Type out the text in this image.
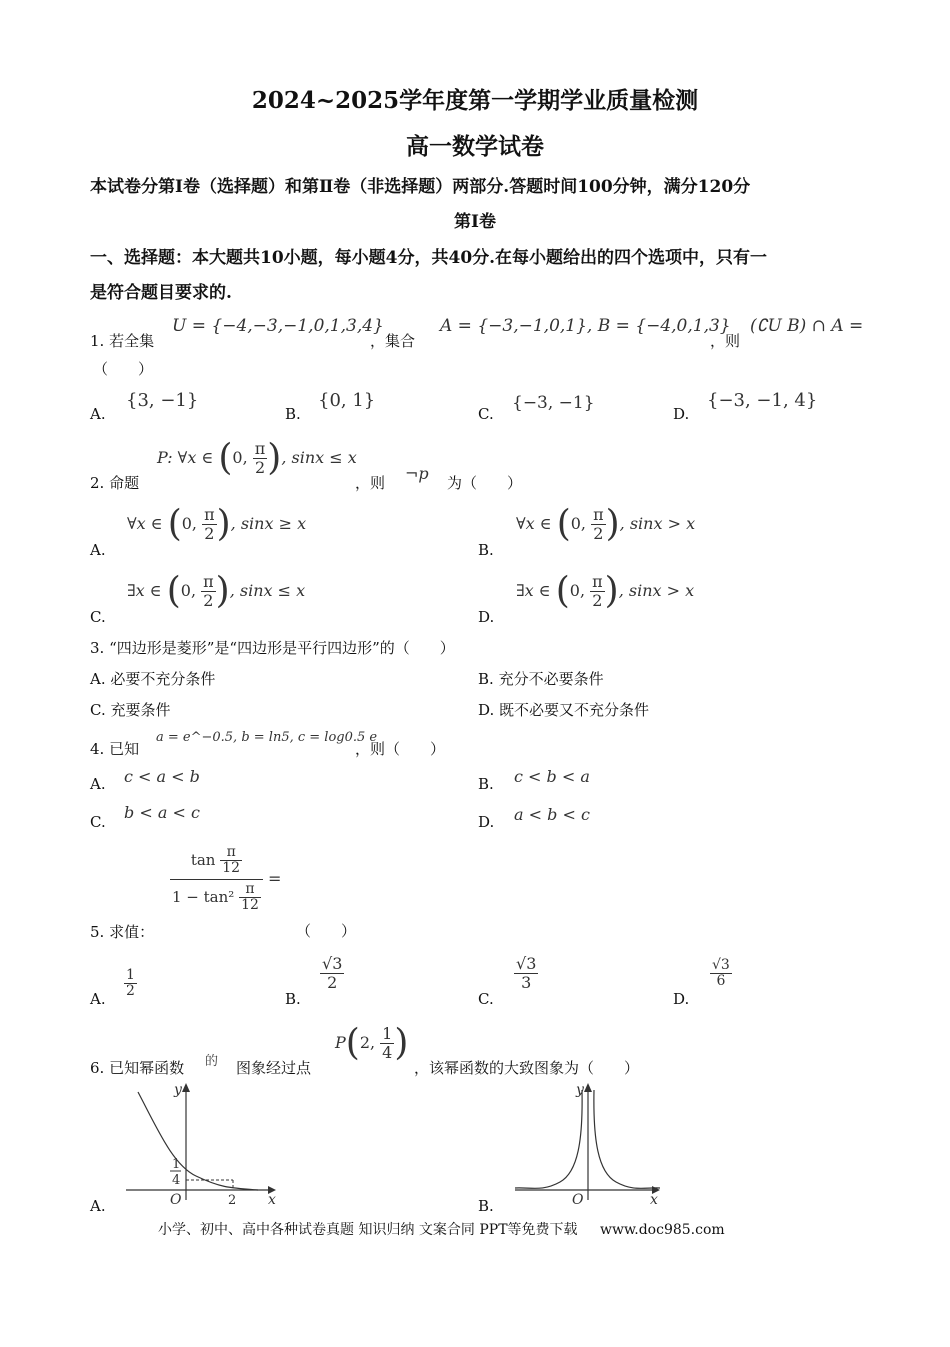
2024~2025学年度第一学期学业质量检测
高一数学试卷
本试卷分第I卷（选择题）和第Ⅱ卷（非选择题）两部分.答题时间100分钟，满分120分
第I卷
一、选择题：本大题共10小题，每小题4分，共40分.在每小题给出的四个选项中，只有一
是符合题目要求的.
1. 若全集
U = {−4,−3,−1,0,1,3,4}
，集合
A = {−3,−1,0,1}, B = {−4,0,1,3}
，则
(∁U B) ∩ A =
（　　）
A.
{3, −1}
B.
{0, 1}
C.
{−3, −1}
D.
{−3, −1, 4}
2. 命题
P: ∀x ∈ (0, $\frac{\pi}{2}$ ), sinx ≤ x
，则 ¬p 为（　　）
A.
∀x ∈ (0, $\frac{\pi}{2}$ ), sinx ≥ x
B.
∀x ∈ (0, $\frac{\pi}{2}$ ), sinx > x
C.
∃x ∈ (0, $\frac{\pi}{2}$ ), sinx ≤ x
D.
∃x ∈ (0, $\frac{\pi}{2}$ ), sinx > x
3. “四边形是菱形”是“四边形是平行四边形”的（　　）
A. 必要不充分条件	B. 充分不必要条件
C. 充要条件	D. 既不必要又不充分条件
4. 已知
a = e^−0.5, b = ln5, c = log0.5 e
，则（　　）
A. c < a < b	B. c < b < a
C. b < a < c	D. a < b < c
$\frac{\tan \frac{\pi}{12}}{1 - \tan^2 \frac{\pi}{12}}$ =
5. 求值：	（　　）
A. $\frac{1}{2}$	B.
$\frac{√3}{2}$
C.
$\frac{√3}{3}$
D.
$\frac{√3}{6}$
6. 已知幂函数 的 图象经过点
P(2, $\frac{1}{4}$ )
，该幂函数的大致图象为（　　）
A.
y
x
O
1
4
2	B.
y
x
O
小学、初中、高中各种试卷真题 知识归纳 文案合同 PPT等免费下载 www.doc985.com
